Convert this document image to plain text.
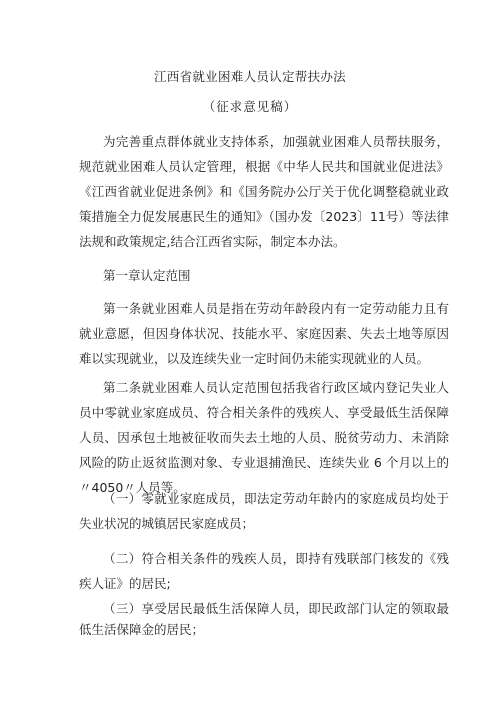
江西省就业困难人员认定帮扶办法
（征求意见稿）

为完善重点群体就业支持体系，加强就业困难人员帮扶服务，规范就业困难人员认定管理，根据《中华人民共和国就业促进法》《江西省就业促进条例》和《国务院办公厅关于优化调整稳就业政策措施全力促发展惠民生的通知》（国办发〔2023〕11号）等法律法规和政策规定,结合江西省实际，制定本办法。

第一章认定范围

第一条就业困难人员是指在劳动年龄段内有一定劳动能力且有就业意愿，但因身体状况、技能水平、家庭因素、失去土地等原因难以实现就业，以及连续失业一定时间仍未能实现就业的人员。

第二条就业困难人员认定范围包括我省行政区域内登记失业人员中零就业家庭成员、符合相关条件的残疾人、享受最低生活保障人员、因承包土地被征收而失去土地的人员、脱贫劳动力、未消除风险的防止返贫监测对象、专业退捕渔民、连续失业 6 个月以上的〃4050〃人员等。

（一）零就业家庭成员，即法定劳动年龄内的家庭成员均处于失业状况的城镇居民家庭成员；

（二）符合相关条件的残疾人员，即持有残联部门核发的《残疾人证》的居民;

（三）享受居民最低生活保障人员，即民政部门认定的领取最低生活保障金的居民；
